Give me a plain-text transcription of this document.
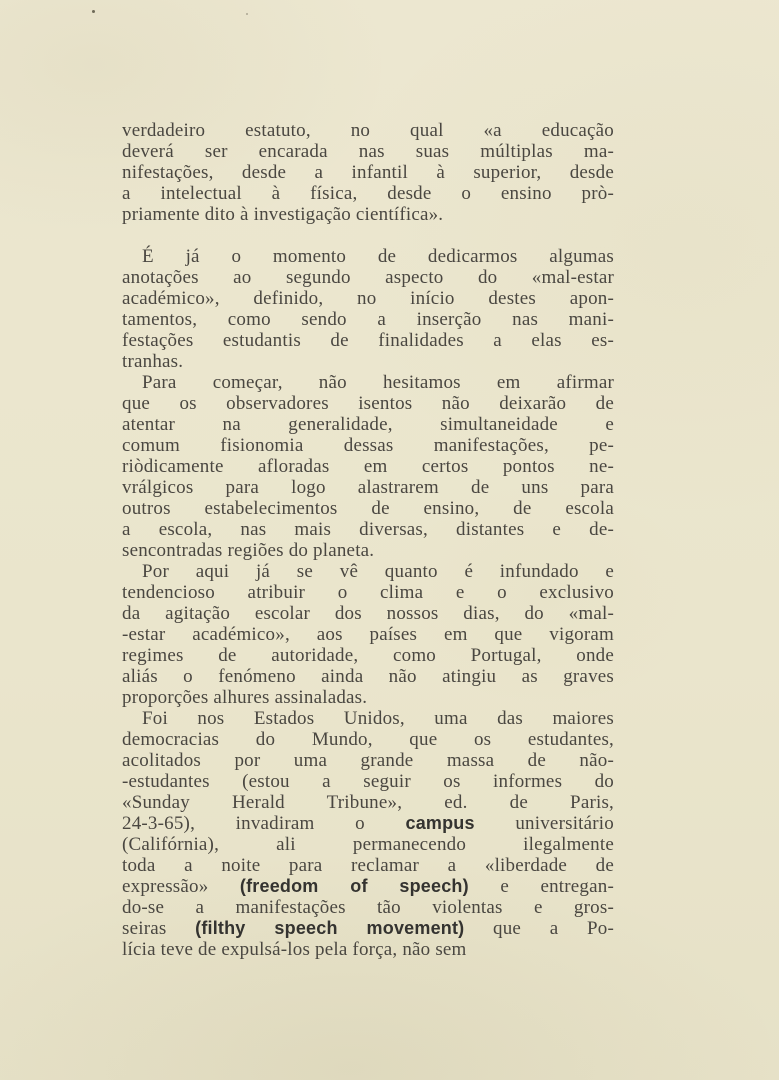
verdadeiro estatuto, no qual «a educação
deverá ser encarada nas suas múltiplas ma-
nifestações, desde a infantil à superior, desde
a intelectual à física, desde o ensino prò-
priamente dito à investigação científica».
É já o momento de dedicarmos algumas
anotações ao segundo aspecto do «mal-estar
académico», definido, no início destes apon-
tamentos, como sendo a inserção nas mani-
festações estudantis de finalidades a elas es-
tranhas.
Para começar, não hesitamos em afirmar
que os observadores isentos não deixarão de
atentar na generalidade, simultaneidade e
comum fisionomia dessas manifestações, pe-
riòdicamente afloradas em certos pontos ne-
vrálgicos para logo alastrarem de uns para
outros estabelecimentos de ensino, de escola
a escola, nas mais diversas, distantes e de-
sencontradas regiões do planeta.
Por aqui já se vê quanto é infundado e
tendencioso atribuir o clima e o exclusivo
da agitação escolar dos nossos dias, do «mal-
-estar académico», aos países em que vigoram
regimes de autoridade, como Portugal, onde
aliás o fenómeno ainda não atingiu as graves
proporções alhures assinaladas.
Foi nos Estados Unidos, uma das maiores
democracias do Mundo, que os estudantes,
acolitados por uma grande massa de não-
-estudantes (estou a seguir os informes do
«Sunday Herald Tribune», ed. de Paris,
24-3-65), invadiram o campus universitário
(Califórnia), ali permanecendo ilegalmente
toda a noite para reclamar a «liberdade de
expressão» (freedom of speech) e entregan-
do-se a manifestações tão violentas e gros-
seiras (filthy speech movement) que a Po-
lícia teve de expulsá-los pela força, não sem
